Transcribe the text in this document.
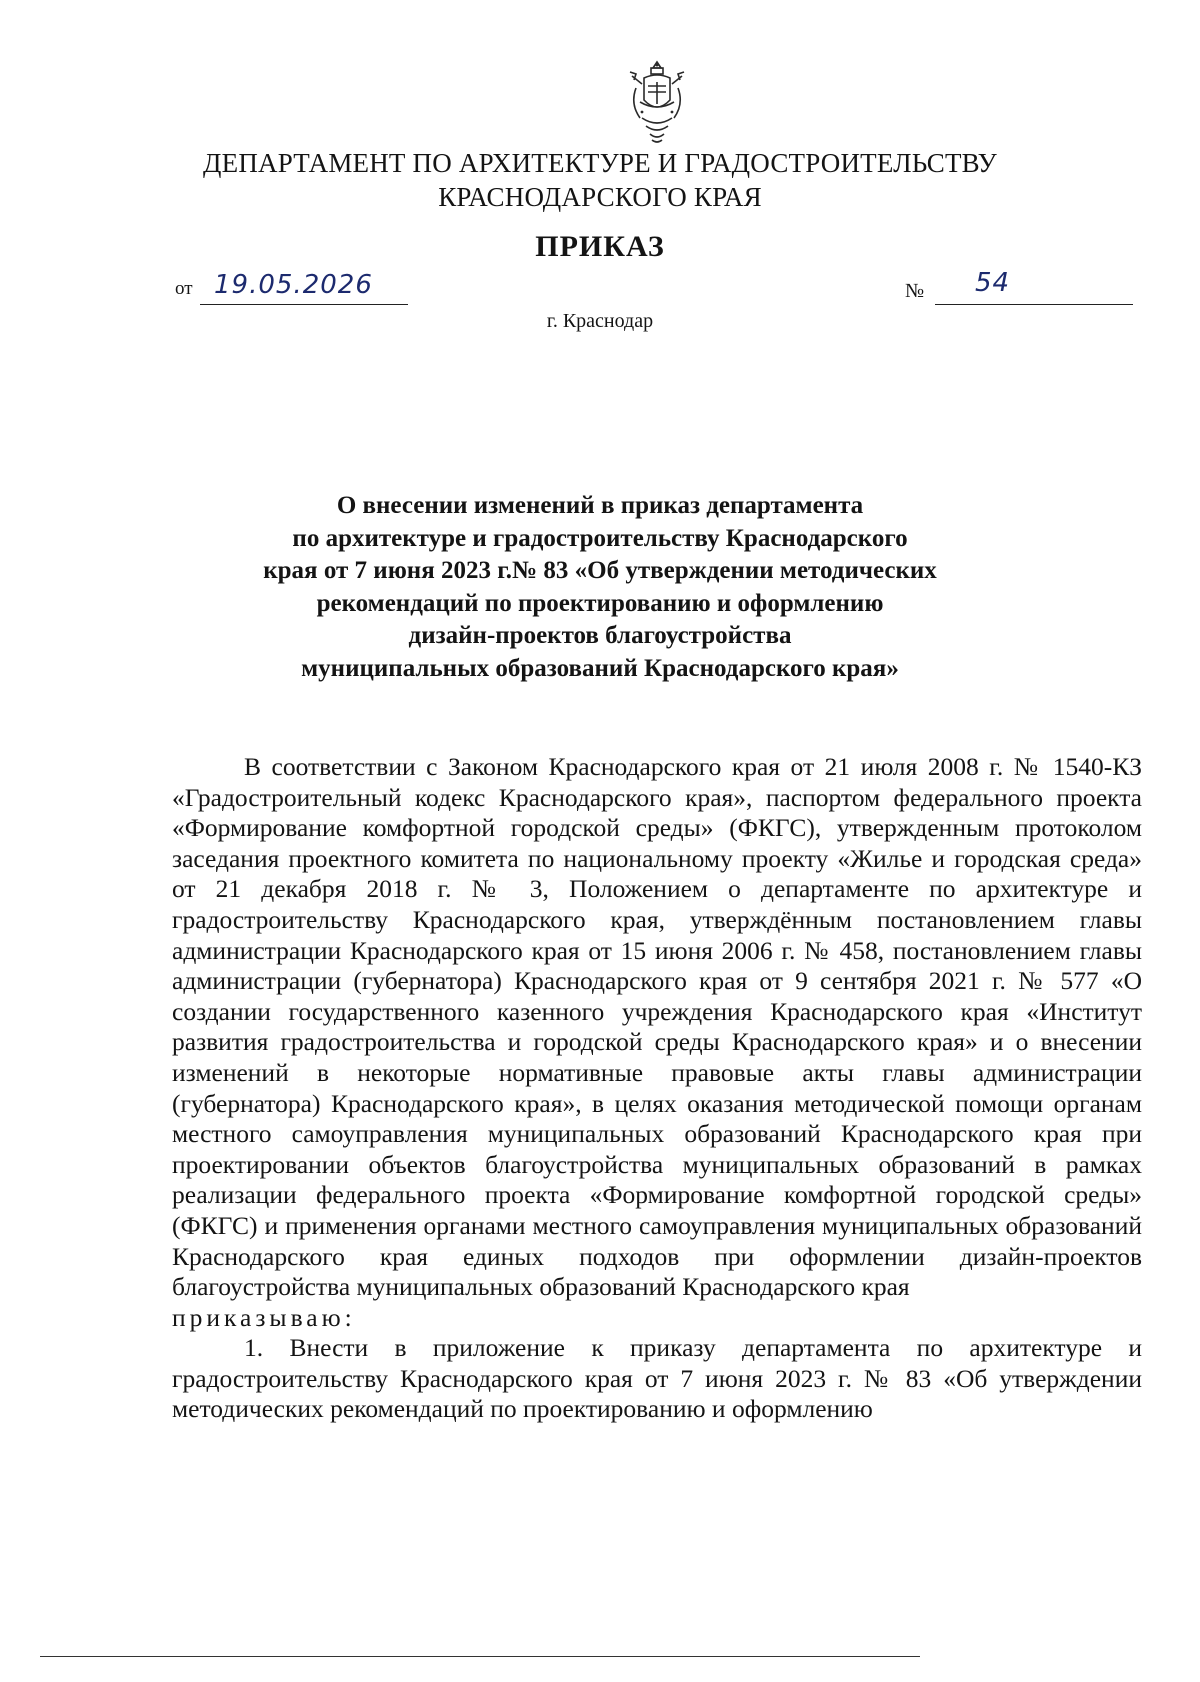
ДЕПАРТАМЕНТ ПО АРХИТЕКТУРЕ И ГРАДОСТРОИТЕЛЬСТВУ
КРАСНОДАРСКОГО КРАЯ
ПРИКАЗ
от 19.05.2026	№ 54
г. Краснодар
О внесении изменений в приказ департамента
по архитектуре и градостроительству Краснодарского
края от 7 июня 2023 г.№ 83 «Об утверждении методических
рекомендаций по проектированию и оформлению
дизайн-проектов благоустройства
муниципальных образований Краснодарского края»

В соответствии с Законом Краснодарского края от 21 июля 2008 г. № 1540-КЗ «Градостроительный кодекс Краснодарского края», паспортом федерального проекта «Формирование комфортной городской среды» (ФКГС), утвержденным протоколом заседания проектного комитета по национальному проекту «Жилье и городская среда» от 21 декабря 2018 г. № 3, Положением о департаменте по архитектуре и градостроительству Краснодарского края, утверждённым постановлением главы администрации Краснодарского края от 15 июня 2006 г. № 458, постановлением главы администрации (губернатора) Краснодарского края от 9 сентября 2021 г. № 577 «О создании государственного казенного учреждения Краснодарского края «Институт развития градостроительства и городской среды Краснодарского края» и о внесении изменений в некоторые нормативные правовые акты главы администрации (губернатора) Краснодарского края», в целях оказания методической помощи органам местного самоуправления муниципальных образований Краснодарского края при проектировании объектов благоустройства муниципальных образований в рамках реализации федерального проекта «Формирование комфортной городской среды» (ФКГС) и применения органами местного самоуправления муниципальных образований Краснодарского края единых подходов при оформлении дизайн-проектов благоустройства муниципальных образований Краснодарского края

приказываю:

1. Внести в приложение к приказу департамента по архитектуре и градостроительству Краснодарского края от 7 июня 2023 г. № 83 «Об утверждении методических рекомендаций по проектированию и оформлению
